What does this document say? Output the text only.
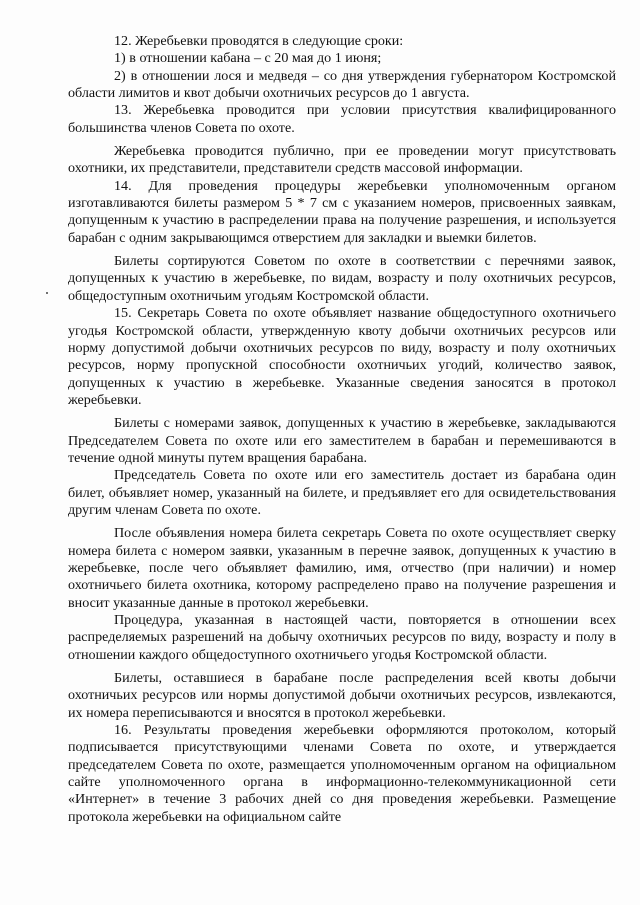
12. Жеребьевки проводятся в следующие сроки:

1) в отношении кабана – с 20 мая до 1 июня;

2) в отношении лося и медведя – со дня утверждения губернатором Костромской области лимитов и квот добычи охотничьих ресурсов до 1 августа.

13. Жеребьевка проводится при условии присутствия квалифицированного большинства членов Совета по охоте.

Жеребьевка проводится публично, при ее проведении могут присутствовать охотники, их представители, представители средств массовой информации.

14. Для проведения процедуры жеребьевки уполномоченным органом изготавливаются билеты размером 5 * 7 см с указанием номеров, присвоенных заявкам, допущенным к участию в распределении права на получение разрешения, и используется барабан с одним закрывающимся отверстием для закладки и выемки билетов.

Билеты сортируются Советом по охоте в соответствии с перечнями заявок, допущенных к участию в жеребьевке, по видам, возрасту и полу охотничьих ресурсов, общедоступным охотничьим угодьям Костромской области.

15. Секретарь Совета по охоте объявляет название общедоступного охотничьего угодья Костромской области, утвержденную квоту добычи охотничьих ресурсов или норму допустимой добычи охотничьих ресурсов по виду, возрасту и полу охотничьих ресурсов, норму пропускной способности охотничьих угодий, количество заявок, допущенных к участию в жеребьевке. Указанные сведения заносятся в протокол жеребьевки.

Билеты с номерами заявок, допущенных к участию в жеребьевке, закладываются Председателем Совета по охоте или его заместителем в барабан и перемешиваются в течение одной минуты путем вращения барабана.

Председатель Совета по охоте или его заместитель достает из барабана один билет, объявляет номер, указанный на билете, и предъявляет его для освидетельствования другим членам Совета по охоте.

После объявления номера билета секретарь Совета по охоте осуществляет сверку номера билета с номером заявки, указанным в перечне заявок, допущенных к участию в жеребьевке, после чего объявляет фамилию, имя, отчество (при наличии) и номер охотничьего билета охотника, которому распределено право на получение разрешения и вносит указанные данные в протокол жеребьевки.

Процедура, указанная в настоящей части, повторяется в отношении всех распределяемых разрешений на добычу охотничьих ресурсов по виду, возрасту и полу в отношении каждого общедоступного охотничьего угодья Костромской области.

Билеты, оставшиеся в барабане после распределения всей квоты добычи охотничьих ресурсов или нормы допустимой добычи охотничьих ресурсов, извлекаются, их номера переписываются и вносятся в протокол жеребьевки.

16. Результаты проведения жеребьевки оформляются протоколом, который подписывается присутствующими членами Совета по охоте, и утверждается председателем Совета по охоте, размещается уполномоченным органом на официальном сайте уполномоченного органа в информационно-телекоммуникационной сети «Интернет» в течение 3 рабочих дней со дня проведения жеребьевки. Размещение протокола жеребьевки на официальном сайте
